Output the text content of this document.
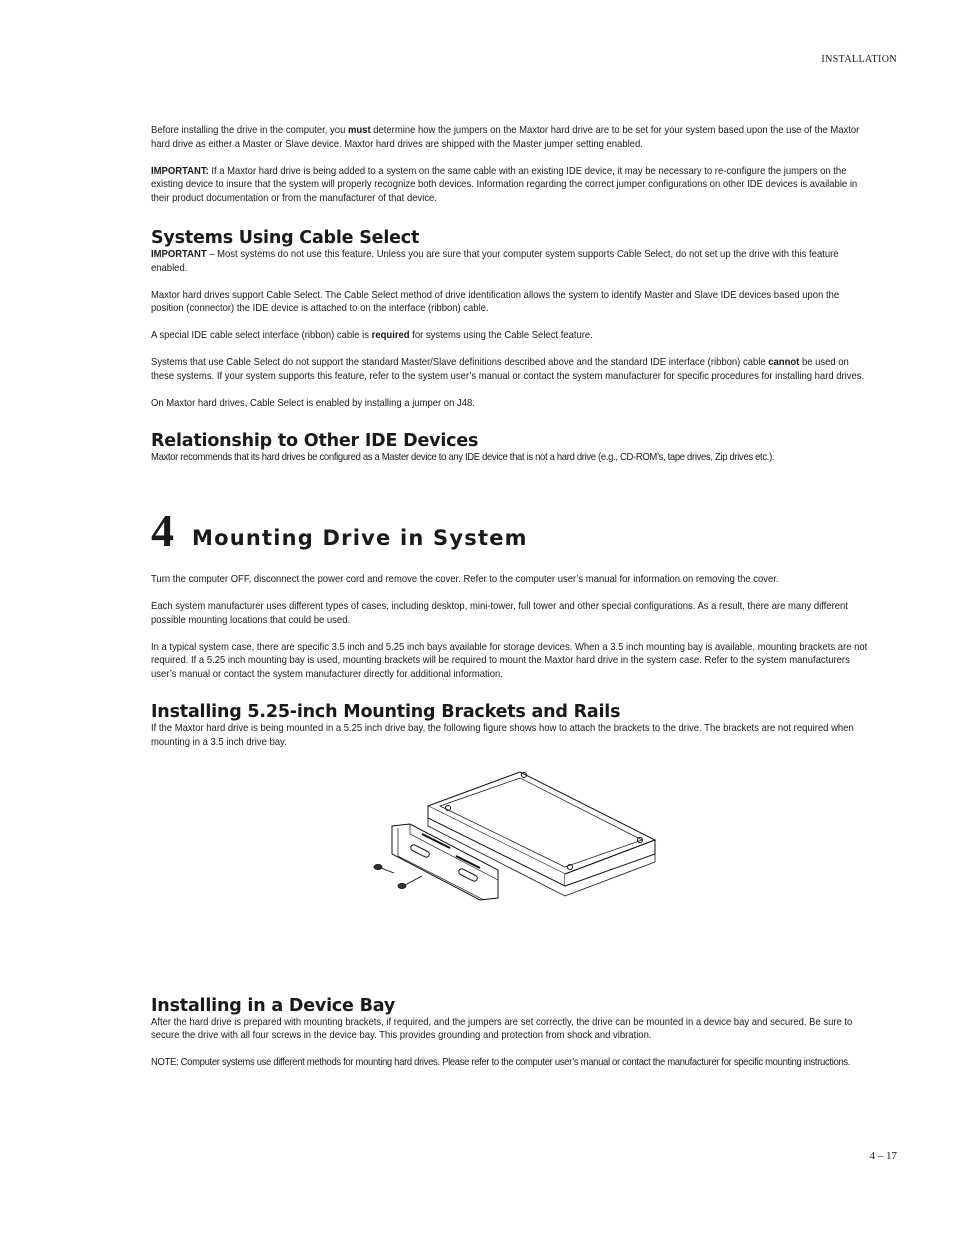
INSTALLATION

Before installing the drive in the computer, you must determine how the jumpers on the Maxtor hard drive are to be set for your system based upon the use of the Maxtor hard drive as either a Master or Slave device. Maxtor hard drives are shipped with the Master jumper setting enabled.

IMPORTANT: If a Maxtor hard drive is being added to a system on the same cable with an existing IDE device, it may be necessary to re-configure the jumpers on the existing device to insure that the system will properly recognize both devices. Information regarding the correct jumper configurations on other IDE devices is available in their product documentation or from the manufacturer of that device.

Systems Using Cable Select

IMPORTANT – Most systems do not use this feature. Unless you are sure that your computer system supports Cable Select, do not set up the drive with this feature enabled.

Maxtor hard drives support Cable Select. The Cable Select method of drive identification allows the system to identify Master and Slave IDE devices based upon the position (connector) the IDE device is attached to on the interface (ribbon) cable.

A special IDE cable select interface (ribbon) cable is required for systems using the Cable Select feature.

Systems that use Cable Select do not support the standard Master/Slave definitions described above and the standard IDE interface (ribbon) cable cannot be used on these systems. If your system supports this feature, refer to the system user’s manual or contact the system manufacturer for specific procedures for installing hard drives.

On Maxtor hard drives, Cable Select is enabled by installing a jumper on J48.

Relationship to Other IDE Devices

Maxtor recommends that its hard drives be configured as a Master device to any IDE device that is not a hard drive (e.g., CD-ROM’s, tape drives, Zip drives etc.).

4 Mounting Drive in System

Turn the computer OFF, disconnect the power cord and remove the cover. Refer to the computer user’s manual for information on removing the cover.

Each system manufacturer uses different types of cases, including desktop, mini-tower, full tower and other special configurations. As a result, there are many different possible mounting locations that could be used.

In a typical system case, there are specific 3.5 inch and 5.25 inch bays available for storage devices. When a 3.5 inch mounting bay is available, mounting brackets are not required. If a 5.25 inch mounting bay is used, mounting brackets will be required to mount the Maxtor hard drive in the system case. Refer to the system manufacturers user’s manual or contact the system manufacturer directly for additional information.

Installing 5.25-inch Mounting Brackets and Rails

If the Maxtor hard drive is being mounted in a 5.25 inch drive bay, the following figure shows how to attach the brackets to the drive. The brackets are not required when mounting in a 3.5 inch drive bay.

Installing in a Device Bay

After the hard drive is prepared with mounting brackets, if required, and the jumpers are set correctly, the drive can be mounted in a device bay and secured. Be sure to secure the drive with all four screws in the device bay. This provides grounding and protection from shock and vibration.

NOTE: Computer systems use different methods for mounting hard drives. Please refer to the computer user’s manual or contact the manufacturer for specific mounting instructions.

4 – 17
